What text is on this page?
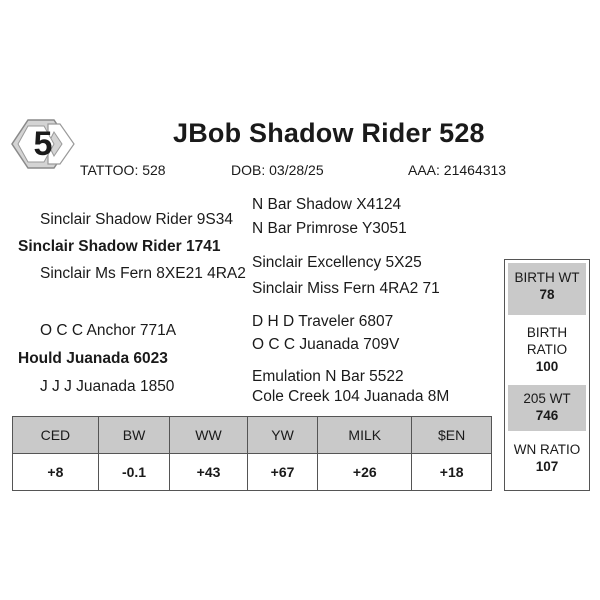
5	JBob Shadow Rider 528
TATTOO: 528	DOB: 03/28/25	AAA: 21464313
N Bar Shadow X4124
Sinclair Shadow Rider 9S34
N Bar Primrose Y3051
Sinclair Shadow Rider 1741
Sinclair Excellency 5X25
Sinclair Ms Fern 8XE21 4RA2
Sinclair Miss Fern 4RA2 71
D H D Traveler 6807
O C C Anchor 771A
O C C Juanada 709V
Hould Juanada 6023
Emulation N Bar 5522
J J J Juanada 1850
Cole Creek 104 Juanada 8M
CED	BW	WW	YW	MILK	$EN
+8	-0.1	+43	+67	+26	+18
BIRTH WT
78
BIRTH
RATIO
100
205 WT
746
WN RATIO
107
